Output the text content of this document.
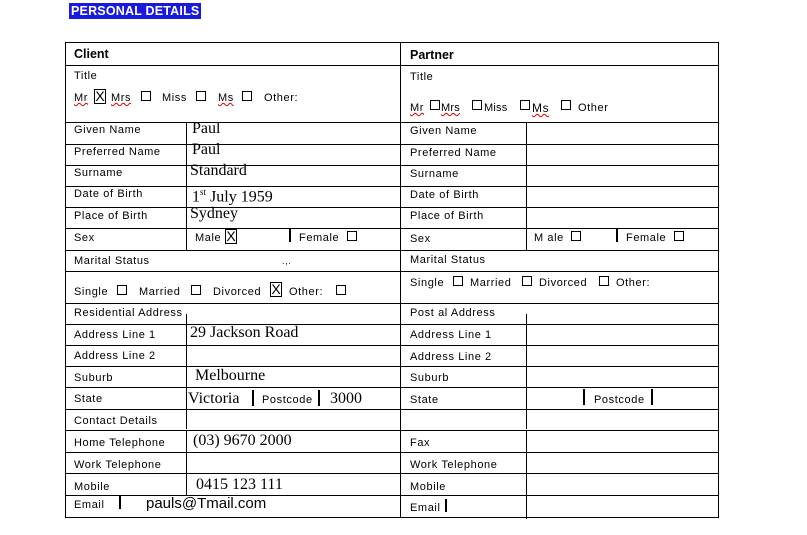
PERSONAL DETAILS
Client
Title
Mr X Mrs	Miss	Ms	Other:
Given Name	Paul
Preferred Name Paul
Surname	Standard
Date of Birth	1st July 1959
Place of Birth	Sydney
Sex	Male X	Female
Marital Status	.,.
Single	Married	Divorced X Other:
Residential Address
Address Line 1 29 Jackson Road
Address Line 2
Suburb	Melbourne
State	Victoria Postcode 3000
Contact Details
Home Telephone (03) 9670 2000
Work Telephone
Mobile	0415 123 111
Email	pauls@Tmail.com
Partner
Title
Mr Mrs Miss Ms	Other
Given Name
Preferred Name
Surname
Date of Birth
Place of Birth
Sex	M ale	Female
Marital Status
Single Married	Divorced	Other:
Post al Address
Address Line 1
Address Line 2
Suburb
State	Postcode
Fax
Work Telephone
Mobile
Email
